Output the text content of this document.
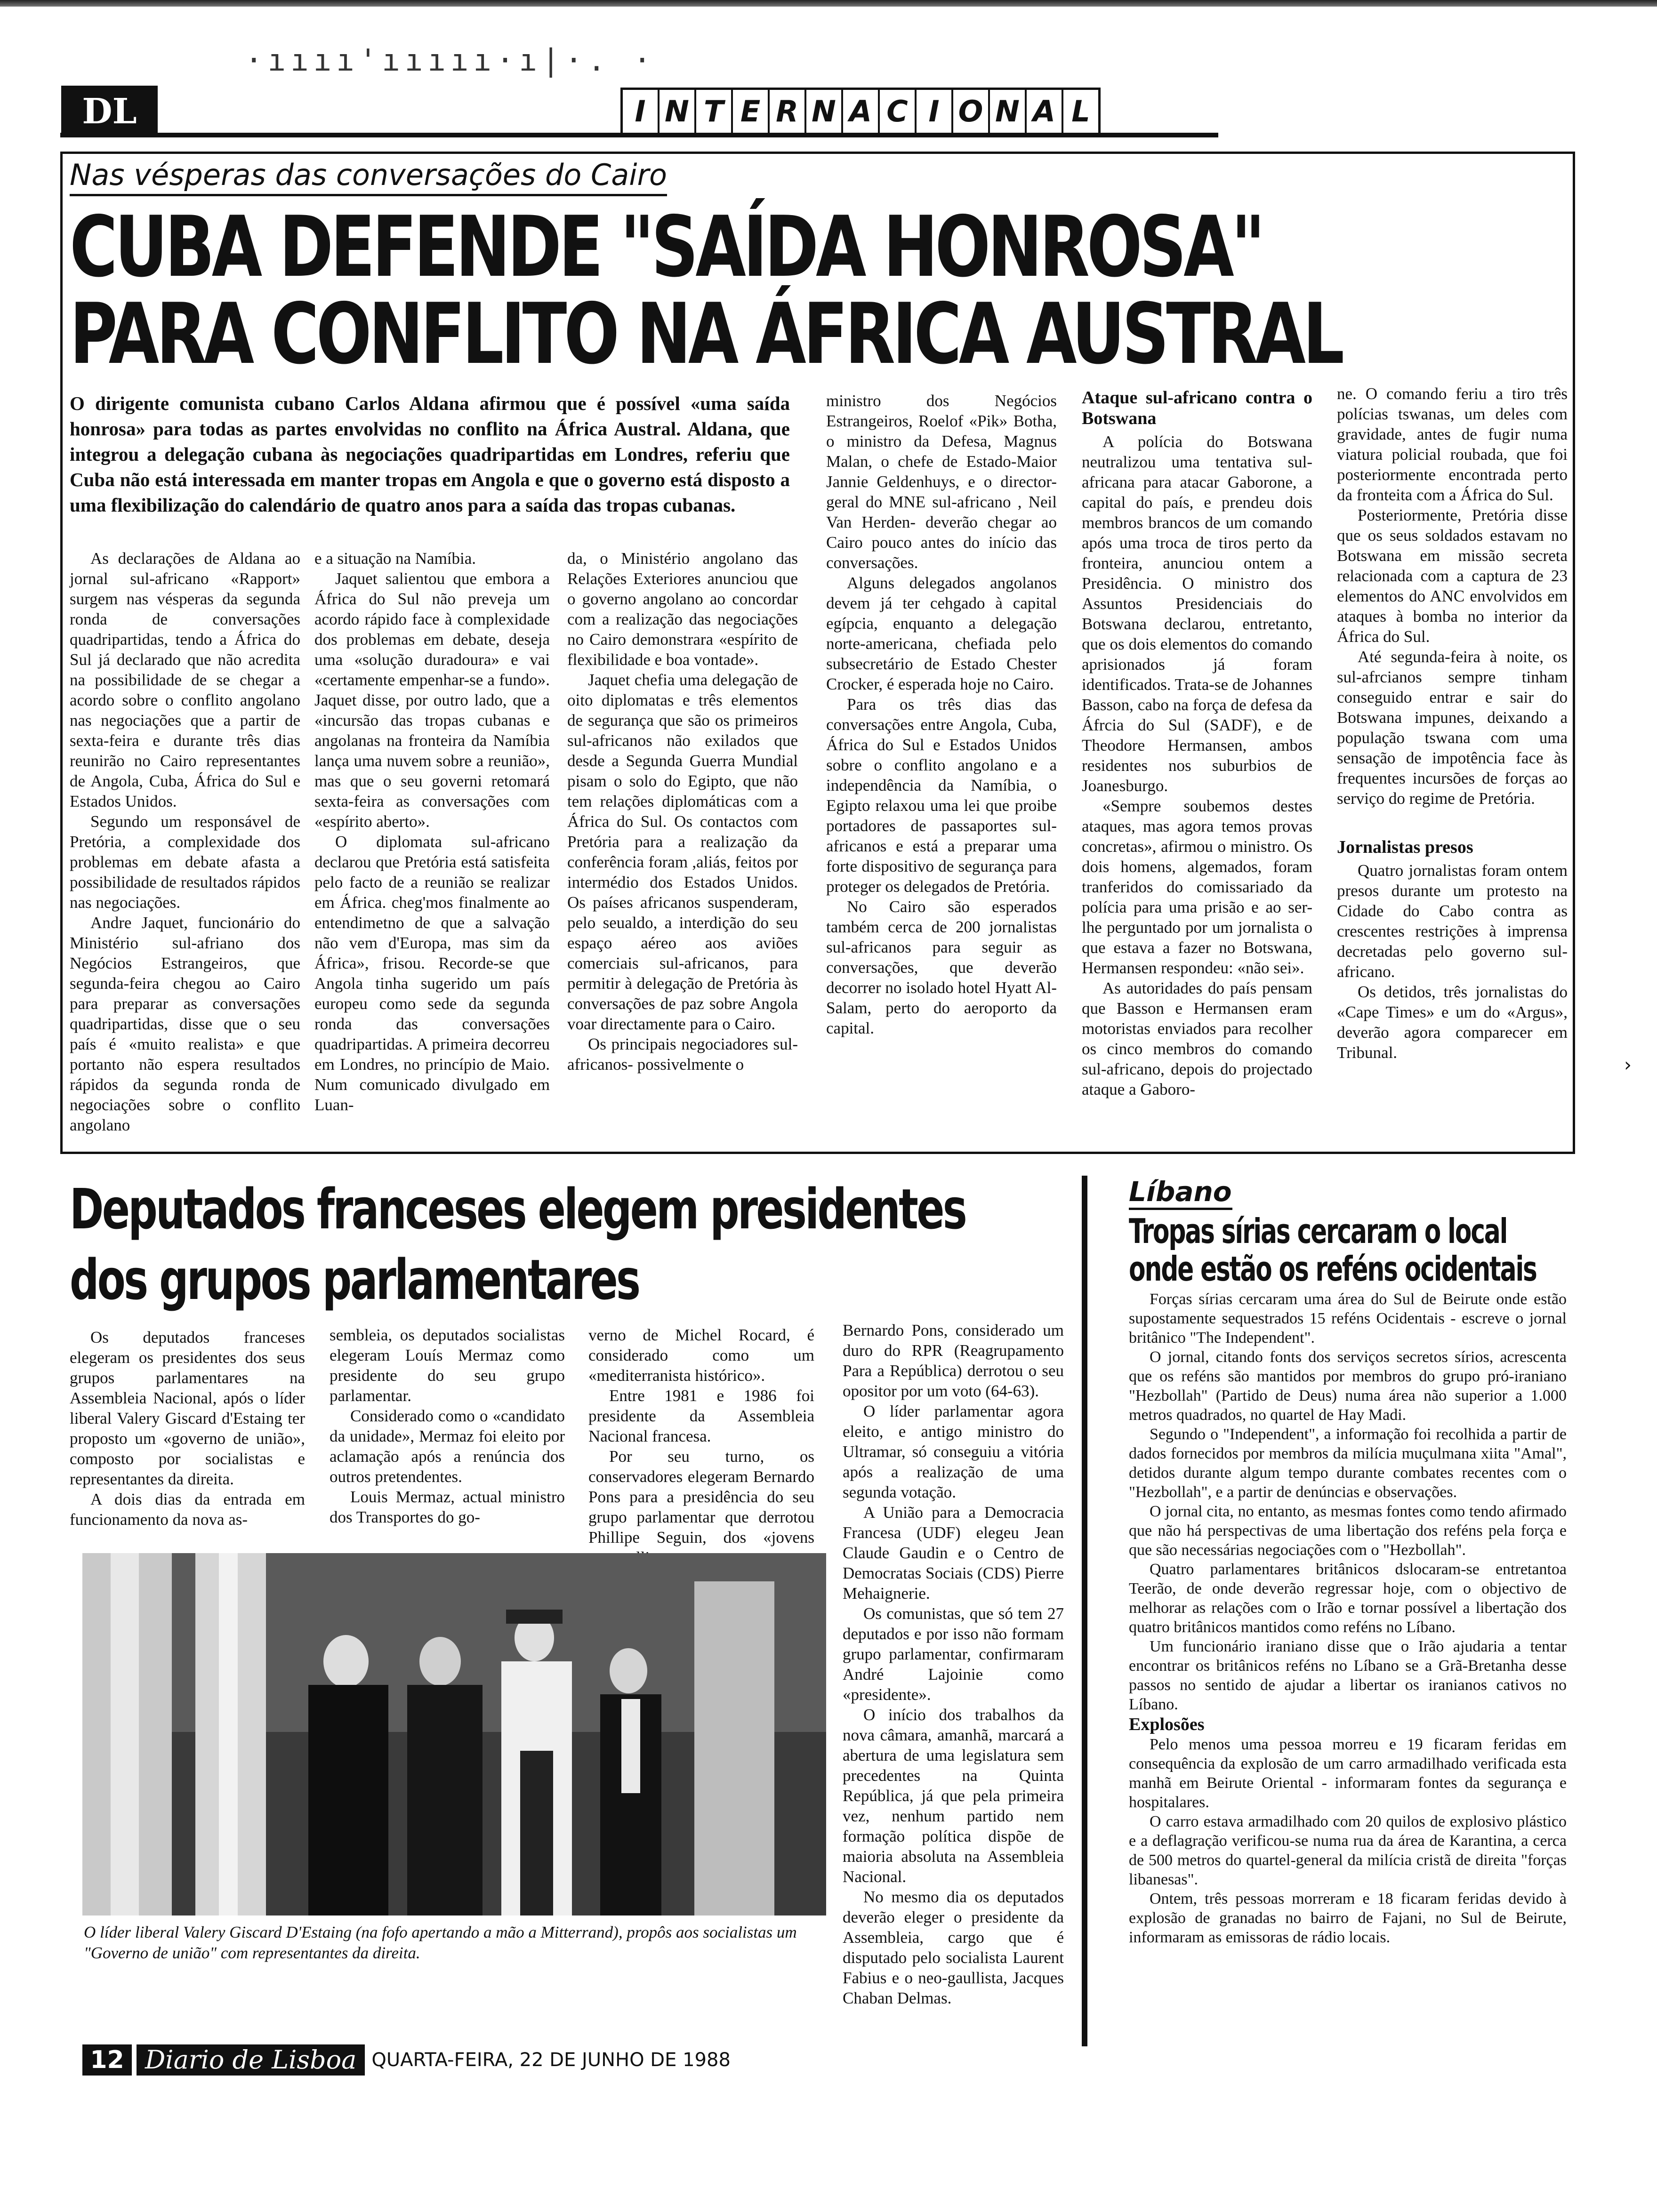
·ıııı'ııııı·ı|·. ·
DL	I N T E R N A C I O N A L
Nas vésperas das conversações do Cairo
CUBA DEFENDE "SAÍDA HONROSA"
PARA CONFLITO NA ÁFRICA AUSTRAL
O dirigente comunista cubano Carlos Aldana afirmou que é possível «uma saída honrosa» para todas as partes envolvidas no conflito na África Austral. Aldana, que integrou a delegação cubana às negociações quadripartidas em Londres, referiu que Cuba não está interessada em manter tropas em Angola e que o governo está disposto a uma flexibilização do calendário de quatro anos para a saída das tropas cubanas.

As declarações de Aldana ao jornal sul-africano «Rapport» surgem nas vésperas da segunda ronda de conversações quadripartidas, tendo a África do Sul já declarado que não acredita na possibilidade de se chegar a acordo sobre o conflito angolano nas negociações que a partir de sexta-feira e durante três dias reunirão no Cairo representantes de Angola, Cuba, África do Sul e Estados Unidos.

Segundo um responsável de Pretória, a complexidade dos problemas em debate afasta a possibilidade de resultados rápidos nas negociações.

Andre Jaquet, funcionário do Ministério sul-afriano dos Negócios Estrangeiros, que segunda-feira chegou ao Cairo para preparar as conversações quadripartidas, disse que o seu país é «muito realista» e que portanto não espera resultados rápidos da segunda ronda de negociações sobre o conflito angolano

e a situação na Namíbia.

Jaquet salientou que embora a África do Sul não preveja um acordo rápido face à complexidade dos problemas em debate, deseja uma «solução duradoura» e vai «certamente empenhar-se a fundo». Jaquet disse, por outro lado, que a «incursão das tropas cubanas e angolanas na fronteira da Namíbia lança uma nuvem sobre a reunião», mas que o seu governi retomará sexta-feira as conversações com «espírito aberto».

O diplomata sul-africano declarou que Pretória está satisfeita pelo facto de a reunião se realizar em África. cheg'mos finalmente ao entendimetno de que a salvação não vem d'Europa, mas sim da África», frisou. Recorde-se que Angola tinha sugerido um país europeu como sede da segunda ronda das conversações quadripartidas. A primeira decorreu em Londres, no princípio de Maio. Num comunicado divulgado em Luan-

da, o Ministério angolano das Relações Exteriores anunciou que o governo angolano ao concordar com a realização das negociações no Cairo demonstrara «espírito de flexibilidade e boa vontade».

Jaquet chefia uma delegação de oito diplomatas e três elementos de segurança que são os primeiros sul-africanos não exilados que desde a Segunda Guerra Mundial pisam o solo do Egipto, que não tem relações diplomáticas com a África do Sul. Os contactos com Pretória para a realização da conferência foram ,aliás, feitos por intermédio dos Estados Unidos. Os países africanos suspenderam, pelo seualdo, a interdição do seu espaço aéreo aos aviões comerciais sul-africanos, para permitir à delegação de Pretória às conversações de paz sobre Angola voar directamente para o Cairo.

Os principais negociadores sul-africanos- possivelmente o

ministro dos Negócios Estrangeiros, Roelof «Pik» Botha, o ministro da Defesa, Magnus Malan, o chefe de Estado-Maior Jannie Geldenhuys, e o director-geral do MNE sul-africano , Neil Van Herden- deverão chegar ao Cairo pouco antes do início das conversações.

Alguns delegados angolanos devem já ter cehgado à capital egípcia, enquanto a delegação norte-americana, chefiada pelo subsecretário de Estado Chester Crocker, é esperada hoje no Cairo.

Para os três dias das conversações entre Angola, Cuba, África do Sul e Estados Unidos sobre o conflito angolano e a independência da Namíbia, o Egipto relaxou uma lei que proibe portadores de passaportes sul-africanos e está a preparar uma forte dispositivo de segurança para proteger os delegados de Pretória.

No Cairo são esperados também cerca de 200 jornalistas sul-africanos para seguir as conversações, que deverão decorrer no isolado hotel Hyatt Al-Salam, perto do aeroporto da capital.

Ataque sul-africano contra o Botswana

A polícia do Botswana neutralizou uma tentativa sul-africana para atacar Gaborone, a capital do país, e prendeu dois membros brancos de um comando após uma troca de tiros perto da fronteira, anunciou ontem a Presidência. O ministro dos Assuntos Presidenciais do Botswana declarou, entretanto, que os dois elementos do comando aprisionados já foram identificados. Trata-se de Johannes Basson, cabo na força de defesa da Áfrcia do Sul (SADF), e de Theodore Hermansen, ambos residentes nos suburbios de Joanesburgo.

«Sempre soubemos destes ataques, mas agora temos provas concretas», afirmou o ministro. Os dois homens, algemados, foram tranferidos do comissariado da polícia para uma prisão e ao ser-lhe perguntado por um jornalista o que estava a fazer no Botswana, Hermansen respondeu: «não sei».

As autoridades do país pensam que Basson e Hermansen eram motoristas enviados para recolher os cinco membros do comando sul-africano, depois do projectado ataque a Gaboro-

ne. O comando feriu a tiro três polícias tswanas, um deles com gravidade, antes de fugir numa viatura policial roubada, que foi posteriormente encontrada perto da fronteita com a África do Sul.

Posteriormente, Pretória disse que os seus soldados estavam no Botswana em missão secreta relacionada com a captura de 23 elementos do ANC envolvidos em ataques à bomba no interior da África do Sul.

Até segunda-feira à noite, os sul-afrcianos sempre tinham conseguido entrar e sair do Botswana impunes, deixando a população tswana com uma sensação de impotência face às frequentes incursões de forças ao serviço do regime de Pretória.

Jornalistas presos

Quatro jornalistas foram ontem presos durante um protesto na Cidade do Cabo contra as crescentes restrições à imprensa decretadas pelo governo sul-africano.

Os detidos, três jornalistas do «Cape Times» e um do «Argus», deverão agora comparecer em Tribunal.

›
Deputados franceses elegem presidentes
dos grupos parlamentares

Os deputados franceses elegeram os presidentes dos seus grupos parlamentares na Assembleia Nacional, após o líder liberal Valery Giscard d'Estaing ter proposto um «governo de união», composto por socialistas e representantes da direita.

A dois dias da entrada em funcionamento da nova as-

sembleia, os deputados socialistas elegeram Louís Mermaz como presidente do seu grupo parlamentar.

Considerado como o «candidato da unidade», Mermaz foi eleito por aclamação após a renúncia dos outros pretendentes.

Louis Mermaz, actual ministro dos Transportes do go-

verno de Michel Rocard, é considerado como um «mediterranista histórico».

Entre 1981 e 1986 foi presidente da Assembleia Nacional francesa.

Por seu turno, os conservadores elegeram Bernardo Pons para a presidência do seu grupo parlamentar que derrotou Phillipe Seguin, dos «jovens

Bernardo Pons, considerado um duro do RPR (Reagrupamento Para a República) derrotou o seu opositor por um voto (64-63).

O líder parlamentar agora eleito, e antigo ministro do Ultramar, só conseguiu a vitória após a realização de uma segunda votação.

A União para a Democracia Francesa (UDF) elegeu Jean Claude Gaudin e o Centro de Democratas Sociais (CDS) Pierre Mehaignerie.

Os comunistas, que só tem 27 deputados e por isso não formam grupo parlamentar, confirmaram André Lajoinie como «presidente».

O início dos trabalhos da nova câmara, amanhã, marcará a abertura de uma legislatura sem precedentes na Quinta República, já que pela primeira vez, nenhum partido nem formação política dispõe de maioria absoluta na Assembleia Nacional.

No mesmo dia os deputados deverão eleger o presidente da Assembleia, cargo que é disputado pelo socialista Laurent Fabius e o neo-gaullista, Jacques Chaban Delmas.

O líder liberal Valery Giscard D'Estaing (na fofo apertando a mão a Mitterrand), propôs aos socialistas um "Governo de união" com representantes da direita.
Líbano
Tropas sírias cercaram o local
onde estão os reféns ocidentais

Forças sírias cercaram uma área do Sul de Beirute onde estão supostamente sequestrados 15 reféns Ocidentais - escreve o jornal britânico "The Independent".

O jornal, citando fonts dos serviços secretos sírios, acrescenta que os reféns são mantidos por membros do grupo pró-iraniano "Hezbollah" (Partido de Deus) numa área não superior a 1.000 metros quadrados, no quartel de Hay Madi.

Segundo o "Independent", a informação foi recolhida a partir de dados fornecidos por membros da milícia muçulmana xiita "Amal", detidos durante algum tempo durante combates recentes com o "Hezbollah", e a partir de denúncias e observações.

O jornal cita, no entanto, as mesmas fontes como tendo afirmado que não há perspectivas de uma libertação dos reféns pela força e que são necessárias negociações com o "Hezbollah".

Quatro parlamentares britânicos dslocaram-se entretantoa Teerão, de onde deverão regressar hoje, com o objectivo de melhorar as relações com o Irão e tornar possível a libertação dos quatro britânicos mantidos como reféns no Líbano.

Um funcionário iraniano disse que o Irão ajudaria a tentar encontrar os britânicos reféns no Líbano se a Grã-Bretanha desse passos no sentido de ajudar a libertar os iranianos cativos no Líbano.

Explosões

Pelo menos uma pessoa morreu e 19 ficaram feridas em consequência da explosão de um carro armadilhado verificada esta manhã em Beirute Oriental - informaram fontes da segurança e hospitalares.

O carro estava armadilhado com 20 quilos de explosivo plástico e a deflagração verificou-se numa rua da área de Karantina, a cerca de 500 metros do quartel-general da milícia cristã de direita "forças libanesas".

Ontem, três pessoas morreram e 18 ficaram feridas devido à explosão de granadas no bairro de Fajani, no Sul de Beirute, informaram as emissoras de rádio locais.

12 Diario de Lisboa QUARTA-FEIRA, 22 DE JUNHO DE 1988
